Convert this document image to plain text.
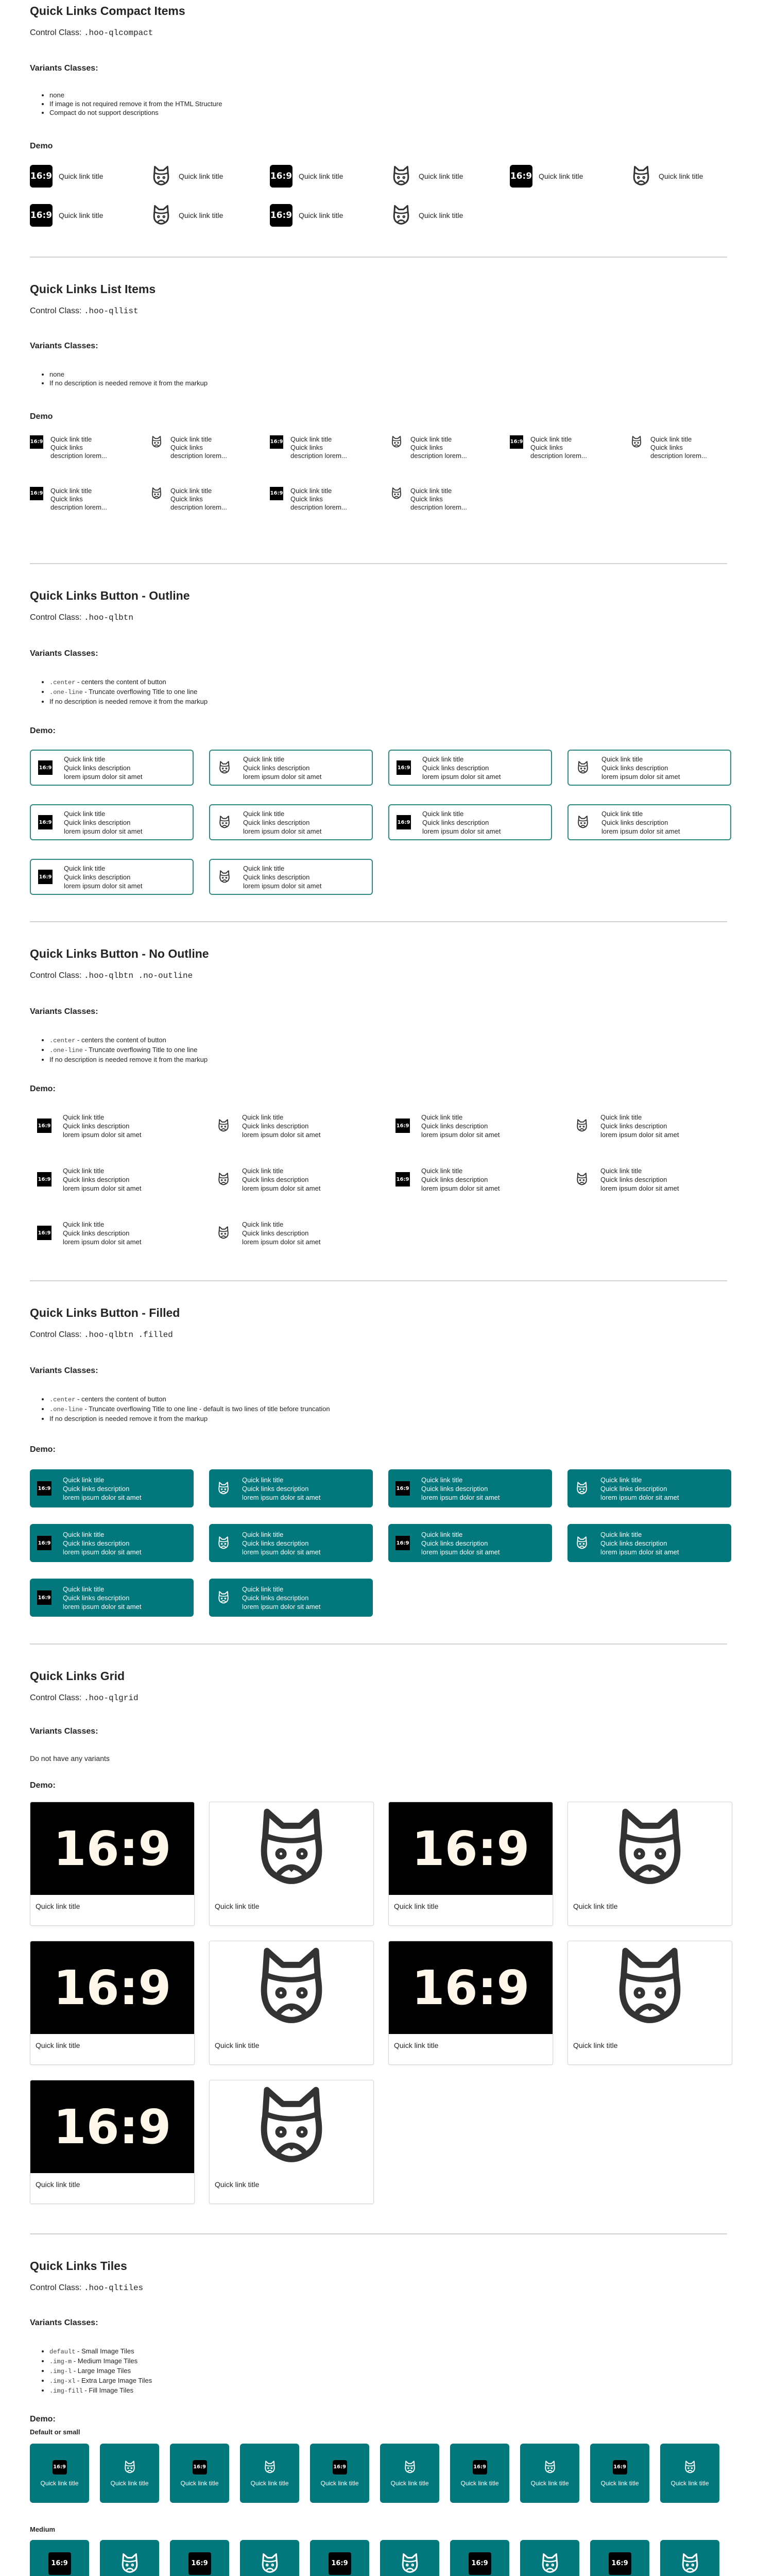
Quick Links Compact Items
Control Class: .hoo-qlcompact
Variants Classes:
• none
• If image is not required remove it from the HTML Structure
• Compact do not support descriptions
Demo
16:9 Quick link title	Quick link title	16:9 Quick link title	Quick link title	16:9 Quick link title	Quick link title
16:9 Quick link title	Quick link title	16:9 Quick link title	Quick link title
Quick Links List Items
Control Class: .hoo-qllist
Variants Classes:
• none
• If no description is needed remove it from the markup
Demo
16:9 Quick link title
Quick links
description lorem...
Quick link title
Quick links
description lorem...
16:9 Quick link title
Quick links
description lorem...
Quick link title
Quick links
description lorem...
16:9 Quick link title
Quick links
description lorem...
Quick link title
Quick links
description lorem...
16:9 Quick link title
Quick links
description lorem...
Quick link title
Quick links
description lorem...
16:9 Quick link title
Quick links
description lorem...
Quick link title
Quick links
description lorem...
Quick Links Button - Outline
Control Class: .hoo-qlbtn
Variants Classes:
• .center - centers the content of button
• .one-line - Truncate overflowing Title to one line
• If no description is needed remove it from the markup
Demo:
16:9
Quick link title
Quick links description
lorem ipsum dolor sit amet
Quick link title
Quick links description
lorem ipsum dolor sit amet
16:9
Quick link title
Quick links description
lorem ipsum dolor sit amet
Quick link title
Quick links description
lorem ipsum dolor sit amet
16:9
Quick link title
Quick links description
lorem ipsum dolor sit amet
Quick link title
Quick links description
lorem ipsum dolor sit amet
16:9
Quick link title
Quick links description
lorem ipsum dolor sit amet
Quick link title
Quick links description
lorem ipsum dolor sit amet
16:9
Quick link title
Quick links description
lorem ipsum dolor sit amet
Quick link title
Quick links description
lorem ipsum dolor sit amet
Quick Links Button - No Outline
Control Class: .hoo-qlbtn .no-outline
Variants Classes:
• .center - centers the content of button
• .one-line - Truncate overflowing Title to one line
• If no description is needed remove it from the markup
Demo:
16:9
Quick link title
Quick links description
lorem ipsum dolor sit amet
Quick link title
Quick links description
lorem ipsum dolor sit amet
16:9
Quick link title
Quick links description
lorem ipsum dolor sit amet
Quick link title
Quick links description
lorem ipsum dolor sit amet
16:9
Quick link title
Quick links description
lorem ipsum dolor sit amet
Quick link title
Quick links description
lorem ipsum dolor sit amet
16:9
Quick link title
Quick links description
lorem ipsum dolor sit amet
Quick link title
Quick links description
lorem ipsum dolor sit amet
16:9
Quick link title
Quick links description
lorem ipsum dolor sit amet
Quick link title
Quick links description
lorem ipsum dolor sit amet
Quick Links Button - Filled
Control Class: .hoo-qlbtn .filled
Variants Classes:
• .center - centers the content of button
• .one-line - Truncate overflowing Title to one line - default is two lines of title before truncation
• If no description is needed remove it from the markup
Demo:
16:9
Quick link title
Quick links description
lorem ipsum dolor sit amet
Quick link title
Quick links description
lorem ipsum dolor sit amet
16:9
Quick link title
Quick links description
lorem ipsum dolor sit amet
Quick link title
Quick links description
lorem ipsum dolor sit amet
16:9
Quick link title
Quick links description
lorem ipsum dolor sit amet
Quick link title
Quick links description
lorem ipsum dolor sit amet
16:9
Quick link title
Quick links description
lorem ipsum dolor sit amet
Quick link title
Quick links description
lorem ipsum dolor sit amet
16:9
Quick link title
Quick links description
lorem ipsum dolor sit amet
Quick link title
Quick links description
lorem ipsum dolor sit amet
Quick Links Grid
Control Class: .hoo-qlgrid
Variants Classes:
Do not have any variants
Demo:
16:9
Quick link title	Quick link title
16:9
Quick link title	Quick link title
16:9
Quick link title	Quick link title
16:9
Quick link title	Quick link title
16:9
Quick link title	Quick link title
Quick Links Tiles
Control Class: .hoo-qltiles
Variants Classes:
• default - Small Image Tiles
• .img-m - Medium Image Tiles
• .img-l - Large Image Tiles
• .img-xl - Extra Large Image Tiles
• .img-fill - Fill Image Tiles
Demo:
Default or small
16:9
Quick link title	Quick link title
16:9
Quick link title	Quick link title
16:9
Quick link title	Quick link title
16:9
Quick link title	Quick link title
16:9
Quick link title	Quick link title
Medium
16:9	16:9	16:9	16:9	16:9
